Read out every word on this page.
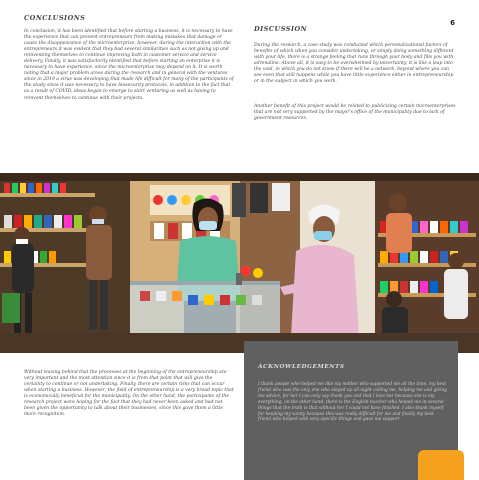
6
CONCLUSIONS

In conclusion, it has been identified that before starting a business, it is necessary to have the experience that can prevent entrepreneurs from making mistakes that damage or cause the disappearance of the microenterprise, however, during the interaction with the entrepreneurs it was evident that they had several similarities such as not giving up and reinventing themselves to continue improving both in customer service and service delivery. Finally, it was satisfactorily identified that before starting an enterprise it is necessary to have experience, since the microenterprise may depend on it. It is worth noting that a major problem arose during the research and in general with the ventures since in 2019 a virus was developing that made life difficult for many of the participants of the study since it was necessary to have biosecurity protocols, in addition to the fact that as a result of COVID, ideas began to emerge to start venturing as well as having to reinvent themselves to continue with their projects.

DISCUSSION

During the research, a case study was conducted which personalizational factors of benefits of which when you consider undertaking, or simply doing something different with your life, there is a strange feeling that runs through your body and fills you with adrenaline. Above all, it is easy to be overwhelmed by uncertainty, it is like a leap into the void, in which you do not know if there will be a network, beyond where you can see even that still happens while you have little experience either in entrepreneurship or in the subject in which you work.

Another benefit of this project would be related to publicizing certain microenterprises that are not very supported by the mayor's office of the municipality due to lack of government resources.

Without leaving behind that the processes at the beginning of the entrepreneurship are very important and the most attention since it is from that point that will give the certainty to continue or not undertaking. Finally, there are certain risks that can occur when starting a business. However, the field of entrepreneurship is a very broad topic that is economically beneficial for the municipality. On the other hand, the participants of the research project were hoping for the fact that they had never been asked and had not been given the opportunity to talk about their businesses, since this gave them a little more recognition.

ACKNOWLEDGEMENTS

I thank people who helped me like my mother who supported me all the time, my best friend who was the only one who stayed up all night calling me, helping me and giving me advice, for her I can only say thank you and that I love her because she is my everything, on the other hand, there is the English teacher who helped me in several things that the truth is that without her I could not have finished. I also thank myself for keeping my sanity because this was really difficult for me and finally my best friend who helped with very specific things and gave me support.
